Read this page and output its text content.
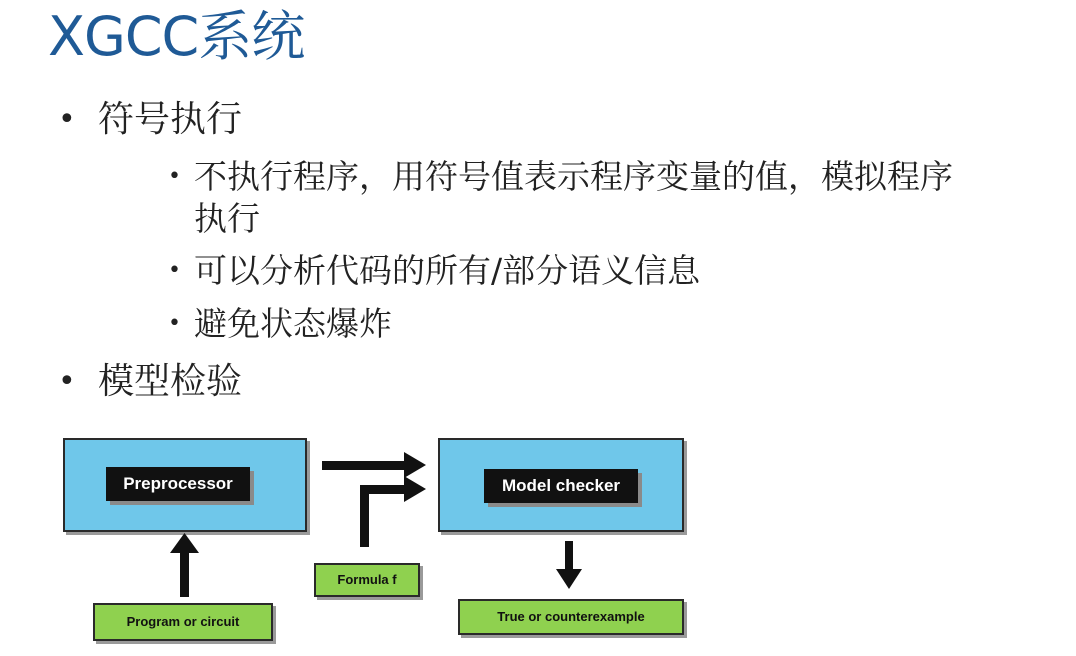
XGCC系统
• 符号执行
• 不执行程序，用符号值表示程序变量的值，模拟程序
执行
• 可以分析代码的所有/部分语义信息
• 避免状态爆炸
• 模型检验
Preprocessor	Model checker
Program or circuit
Formula f
True or counterexample
